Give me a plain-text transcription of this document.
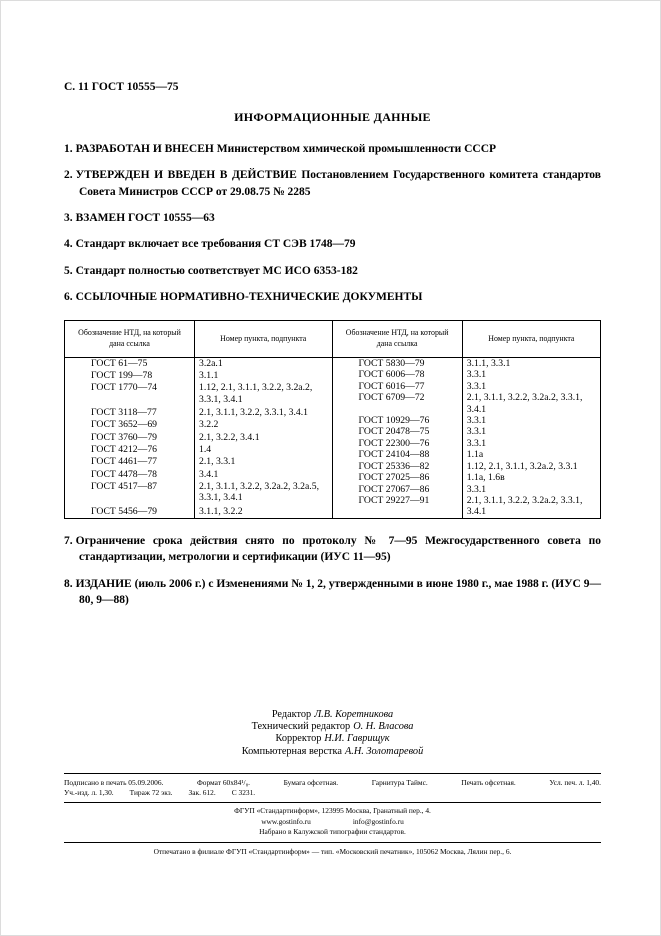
С. 11 ГОСТ 10555—75
ИНФОРМАЦИОННЫЕ ДАННЫЕ
1. РАЗРАБОТАН И ВНЕСЕН Министерством химической промышленности СССР
2. УТВЕРЖДЕН И ВВЕДЕН В ДЕЙСТВИЕ Постановлением Государственного комитета стандартов Совета Министров СССР от 29.08.75 № 2285
3. ВЗАМЕН ГОСТ 10555—63
4. Стандарт включает все требования СТ СЭВ 1748—79
5. Стандарт полностью соответствует МС ИСО 6353-182
6. ССЫЛОЧНЫЕ НОРМАТИВНО-ТЕХНИЧЕСКИЕ ДОКУМЕНТЫ
Обозначение НТД, на который дана ссылка	Номер пункта, подпункта
ГОСТ 61—75	3.2а.1
ГОСТ 199—78	3.1.1
ГОСТ 1770—74	1.12, 2.1, 3.1.1, 3.2.2, 3.2а.2, 3.3.1, 3.4.1
ГОСТ 3118—77	2.1, 3.1.1, 3.2.2, 3.3.1, 3.4.1
ГОСТ 3652—69	3.2.2
ГОСТ 3760—79	2.1, 3.2.2, 3.4.1
ГОСТ 4212—76	1.4
ГОСТ 4461—77	2.1, 3.3.1
ГОСТ 4478—78	3.4.1
ГОСТ 4517—87	2.1, 3.1.1, 3.2.2, 3.2а.2, 3.2а.5, 3.3.1, 3.4.1
ГОСТ 5456—79	3.1.1, 3.2.2
Обозначение НТД, на который дана ссылка	Номер пункта, подпункта
ГОСТ 5830—79	3.1.1, 3.3.1
ГОСТ 6006—78	3.3.1
ГОСТ 6016—77	3.3.1
ГОСТ 6709—72	2.1, 3.1.1, 3.2.2, 3.2а.2, 3.3.1, 3.4.1
ГОСТ 10929—76	3.3.1
ГОСТ 20478—75	3.3.1
ГОСТ 22300—76	3.3.1
ГОСТ 24104—88	1.1а
ГОСТ 25336—82	1.12, 2.1, 3.1.1, 3.2а.2, 3.3.1
ГОСТ 27025—86	1.1а, 1.6в
ГОСТ 27067—86	3.3.1
ГОСТ 29227—91	2.1, 3.1.1, 3.2.2, 3.2а.2, 3.3.1, 3.4.1
7. Ограничение срока действия снято по протоколу № 7—95 Межгосударственного совета по стандартизации, метрологии и сертификации (ИУС 11—95)
8. ИЗДАНИЕ (июль 2006 г.) с Изменениями № 1, 2, утвержденными в июне 1980 г., мае 1988 г. (ИУС 9—80, 9—88)
Редактор Л.В. Коретникова
Технический редактор О. Н. Власова
Корректор Н.И. Гаврищук
Компьютерная верстка А.Н. Золотаревой
Подписано в печать 05.09.2006.	Формат 60х84¹/₈.	Бумага офсетная.	Гарнитура Таймс.	Печать офсетная.	Усл. печ. л. 1,40.
Уч.-изд. л. 1,30. Тираж 72 экз. Зак. 612. С 3231.
ФГУП «Стандартинформ», 123995 Москва, Гранатный пер., 4.
www.gostinfo.ru	info@gostinfo.ru
Набрано в Калужской типографии стандартов.
Отпечатано в филиале ФГУП «Стандартинформ» — тип. «Московский печатник», 105062 Москва, Лялин пер., 6.
